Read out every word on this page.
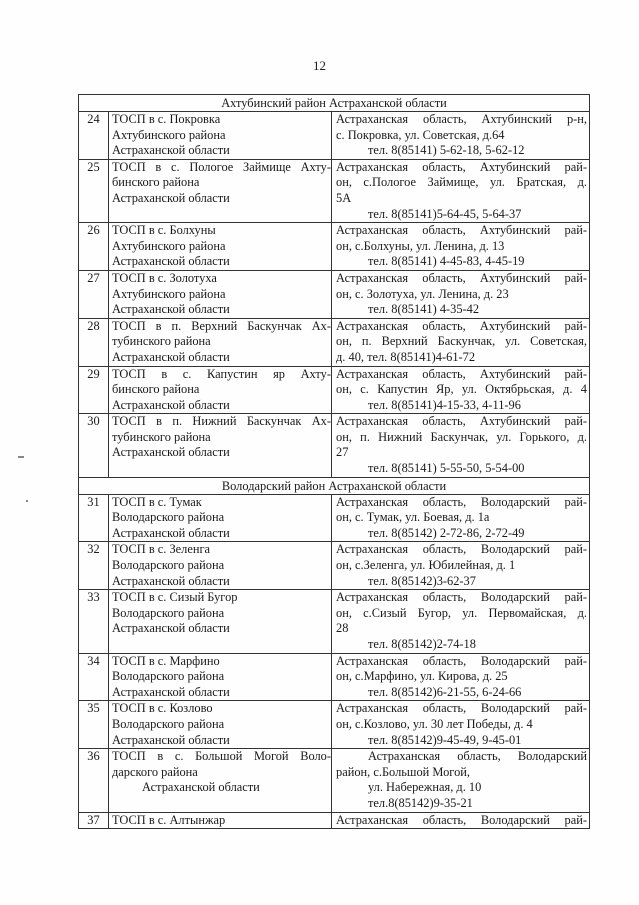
12
Ахтубинский район Астраханской области
24 ТОСП в с. Покровка
Ахтубинского района
Астраханской области
Астраханская область, Ахтубинский р-н,
с. Покровка, ул. Советская, д.64
тел. 8(85141) 5-62-18, 5-62-12
25 ТОСП в с. Пологое Займище Ахту-
бинского района
Астраханской области
Астраханская область, Ахтубинский рай-
он, с.Пологое Займище, ул. Братская, д.
5А
тел. 8(85141)5-64-45, 5-64-37
26 ТОСП в с. Болхуны
Ахтубинского района
Астраханской области
Астраханская область, Ахтубинский рай-
он, с.Болхуны, ул. Ленина, д. 13
тел. 8(85141) 4-45-83, 4-45-19
27 ТОСП в с. Золотуха
Ахтубинского района
Астраханской области
Астраханская область, Ахтубинский рай-
он, с. Золотуха, ул. Ленина, д. 23
тел. 8(85141) 4-35-42
28 ТОСП в п. Верхний Баскунчак Ах-
тубинского района
Астраханской области
Астраханская область, Ахтубинский рай-
он, п. Верхний Баскунчак, ул. Советская,
д. 40, тел. 8(85141)4-61-72
29 ТОСП в с. Капустин яр Ахту-
бинского района
Астраханской области
Астраханская область, Ахтубинский рай-
он, с. Капустин Яр, ул. Октябрьская, д. 4
тел. 8(85141)4-15-33, 4-11-96
30 ТОСП в п. Нижний Баскунчак Ах-
тубинского района
Астраханской области
Астраханская область, Ахтубинский рай-
он, п. Нижний Баскунчак, ул. Горького, д.
27
тел. 8(85141) 5-55-50, 5-54-00
Володарский район Астраханской области
31 ТОСП в с. Тумак
Володарского района
Астраханской области
Астраханская область, Володарский рай-
он, с. Тумак, ул. Боевая, д. 1а
тел. 8(85142) 2-72-86, 2-72-49
32 ТОСП в с. Зеленга
Володарского района
Астраханской области
Астраханская область, Володарский рай-
он, с.Зеленга, ул. Юбилейная, д. 1
тел. 8(85142)3-62-37
33 ТОСП в с. Сизый Бугор
Володарского района
Астраханской области
Астраханская область, Володарский рай-
он, с.Сизый Бугор, ул. Первомайская, д.
28
тел. 8(85142)2-74-18
34 ТОСП в с. Марфино
Володарского района
Астраханской области
Астраханская область, Володарский рай-
он, с.Марфино, ул. Кирова, д. 25
тел. 8(85142)6-21-55, 6-24-66
35 ТОСП в с. Козлово
Володарского района
Астраханской области
Астраханская область, Володарский рай-
он, с.Козлово, ул. 30 лет Победы, д. 4
тел. 8(85142)9-45-49, 9-45-01
36 ТОСП в с. Большой Могой Воло-
дарского района
Астраханской области
Астраханская область, Володарский
район, с.Большой Могой,
ул. Набережная, д. 10
тел.8(85142)9-35-21
37 ТОСП в с. Алтынжар	Астраханская область, Володарский рай-
